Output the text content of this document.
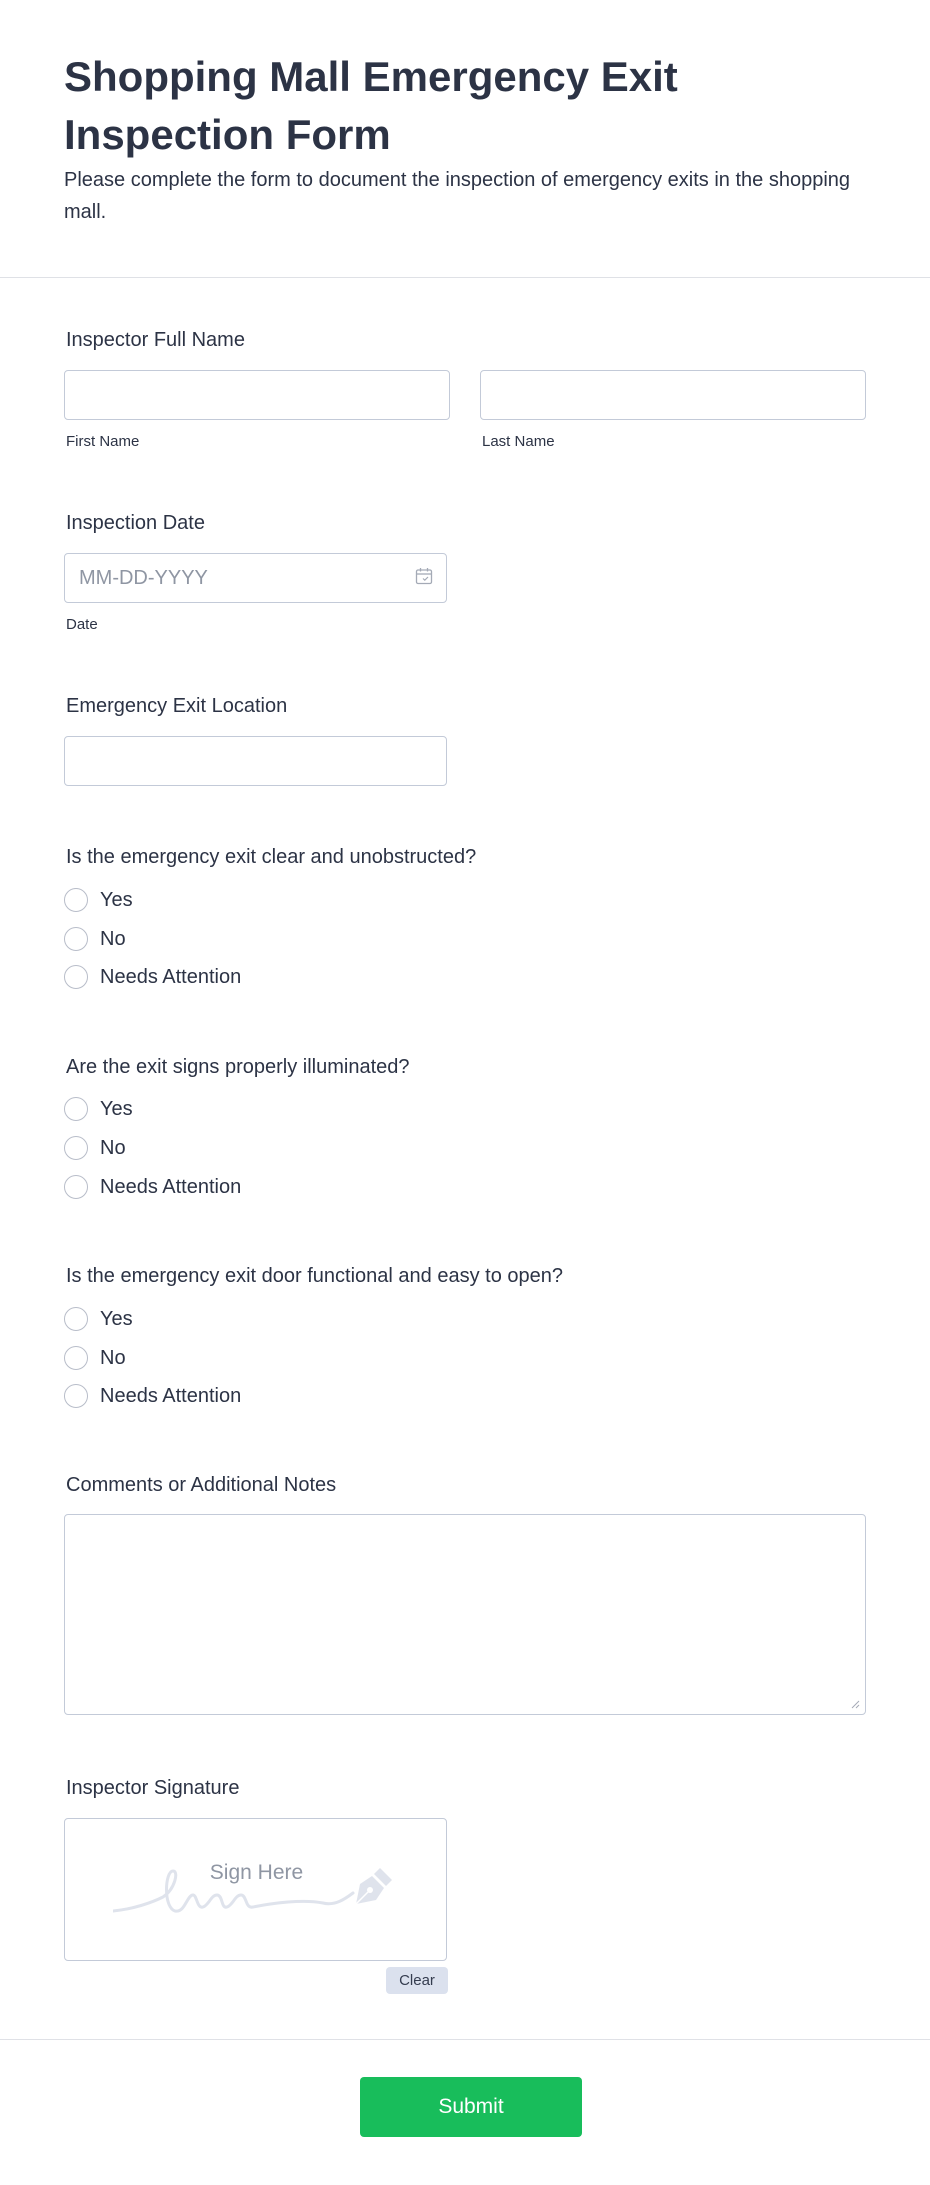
Shopping Mall Emergency Exit Inspection Form

Please complete the form to document the inspection of emergency exits in the shopping mall.

Inspector Full Name
First Name	Last Name
Inspection Date
MM-DD-YYYY
Date
Emergency Exit Location
Is the emergency exit clear and unobstructed?
Yes
No
Needs Attention
Are the exit signs properly illuminated?
Yes
No
Needs Attention
Is the emergency exit door functional and easy to open?
Yes
No
Needs Attention
Comments or Additional Notes
Inspector Signature
Sign Here
Clear
Submit
